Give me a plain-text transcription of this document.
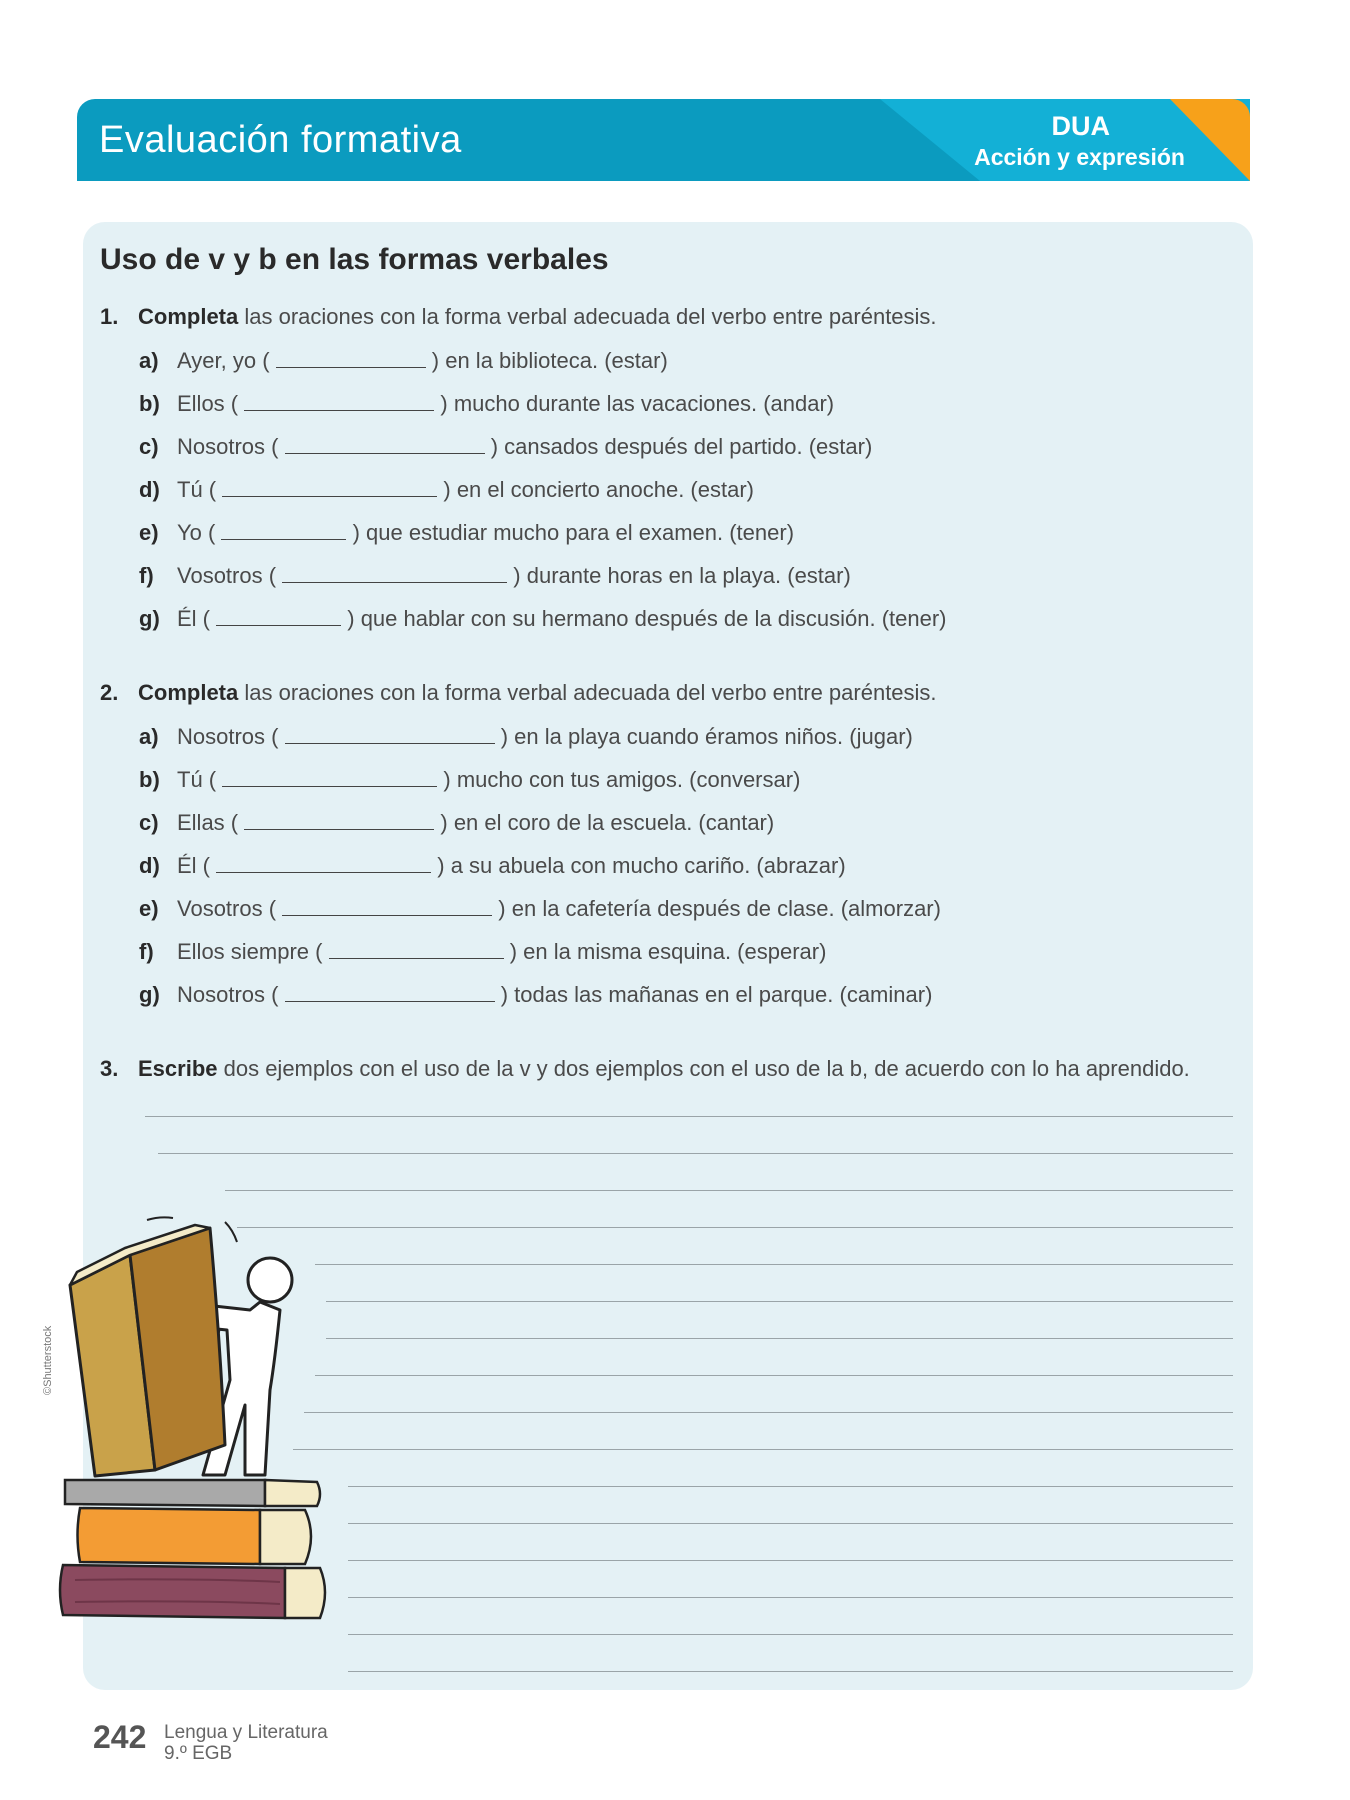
Evaluación formativa	DUA
Acción y expresión
Uso de v y b en las formas verbales
1. Completa las oraciones con la forma verbal adecuada del verbo entre paréntesis.
a) Ayer, yo (	) en la biblioteca. (estar)
b) Ellos (	) mucho durante las vacaciones. (andar)
c) Nosotros (	) cansados después del partido. (estar)
d) Tú (	) en el concierto anoche. (estar)
e) Yo (	) que estudiar mucho para el examen. (tener)
f) Vosotros (	) durante horas en la playa. (estar)
g) Él (	) que hablar con su hermano después de la discusión. (tener)
2. Completa las oraciones con la forma verbal adecuada del verbo entre paréntesis.
a) Nosotros (	) en la playa cuando éramos niños. (jugar)
b) Tú (	) mucho con tus amigos. (conversar)
c) Ellas (	) en el coro de la escuela. (cantar)
d) Él (	) a su abuela con mucho cariño. (abrazar)
e) Vosotros (	) en la cafetería después de clase. (almorzar)
f) Ellos siempre (	) en la misma esquina. (esperar)
g) Nosotros (	) todas las mañanas en el parque. (caminar)
3. Escribe dos ejemplos con el uso de la v y dos ejemplos con el uso de la b, de acuerdo con lo ha aprendido.
©Shutterstock
242 Lengua y Literatura
9.º EGB
